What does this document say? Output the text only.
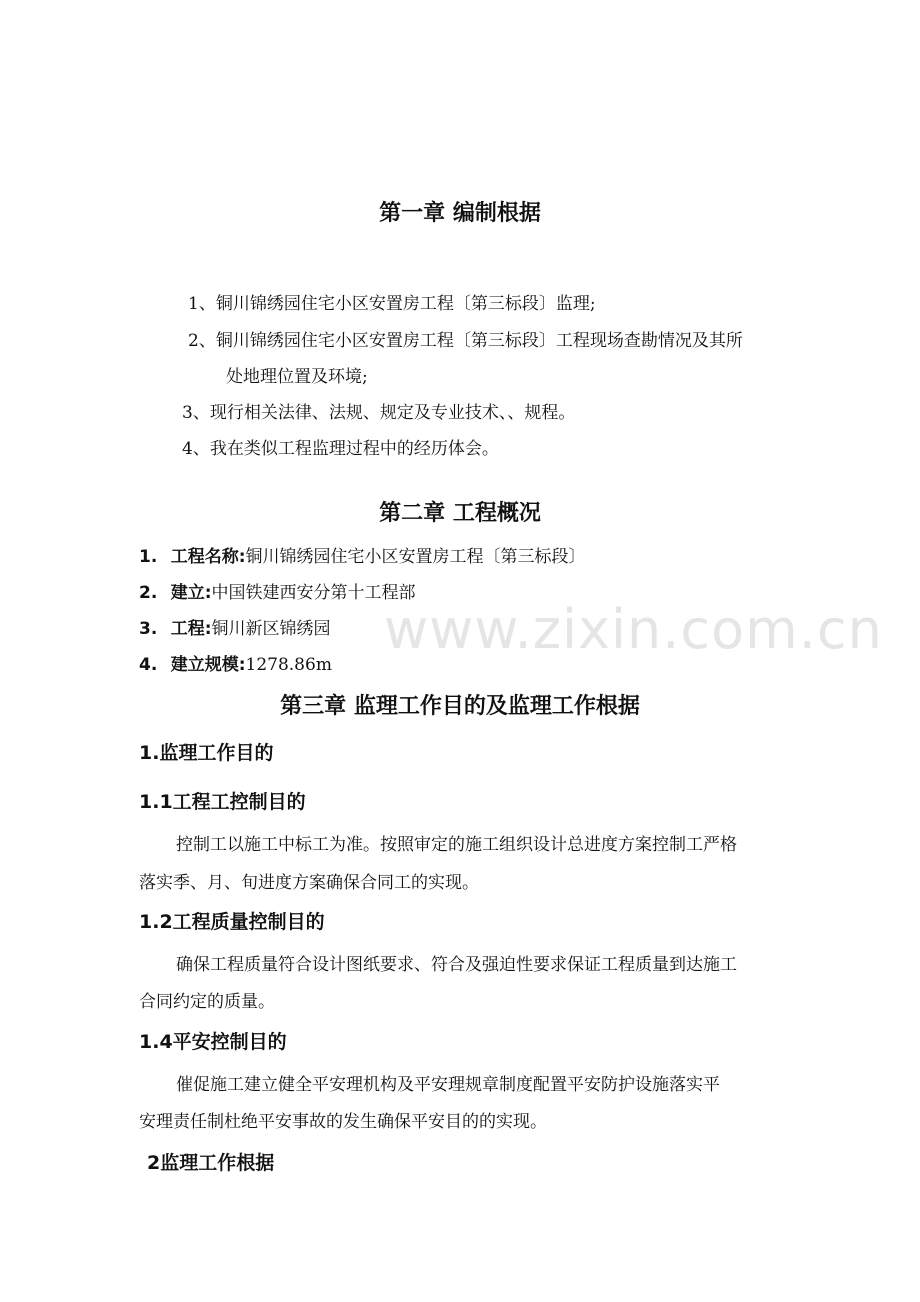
第一章 编制根据
1、铜川锦绣园住宅小区安置房工程〔第三标段〕监理;
2、铜川锦绣园住宅小区安置房工程〔第三标段〕工程现场查勘情况及其所
处地理位置及环境;
3、现行相关法律、法规、规定及专业技术、、规程。
4、我在类似工程监理过程中的经历体会。
第二章 工程概况
1. 工程名称:铜川锦绣园住宅小区安置房工程〔第三标段〕
2. 建立:中国铁建西安分第十工程部
3. 工程:铜川新区锦绣园
4. 建立规模:1278.86m
第三章 监理工作目的及监理工作根据
1.监理工作目的
1.1工程工控制目的
控制工以施工中标工为准。按照审定的施工组织设计总进度方案控制工严格
落实季、月、旬进度方案确保合同工的实现。
1.2工程质量控制目的
确保工程质量符合设计图纸要求、符合及强迫性要求保证工程质量到达施工
合同约定的质量。
1.4平安控制目的
催促施工建立健全平安理机构及平安理规章制度配置平安防护设施落实平
安理责任制杜绝平安事故的发生确保平安目的的实现。
2监理工作根据
www.zixin.com.cn
